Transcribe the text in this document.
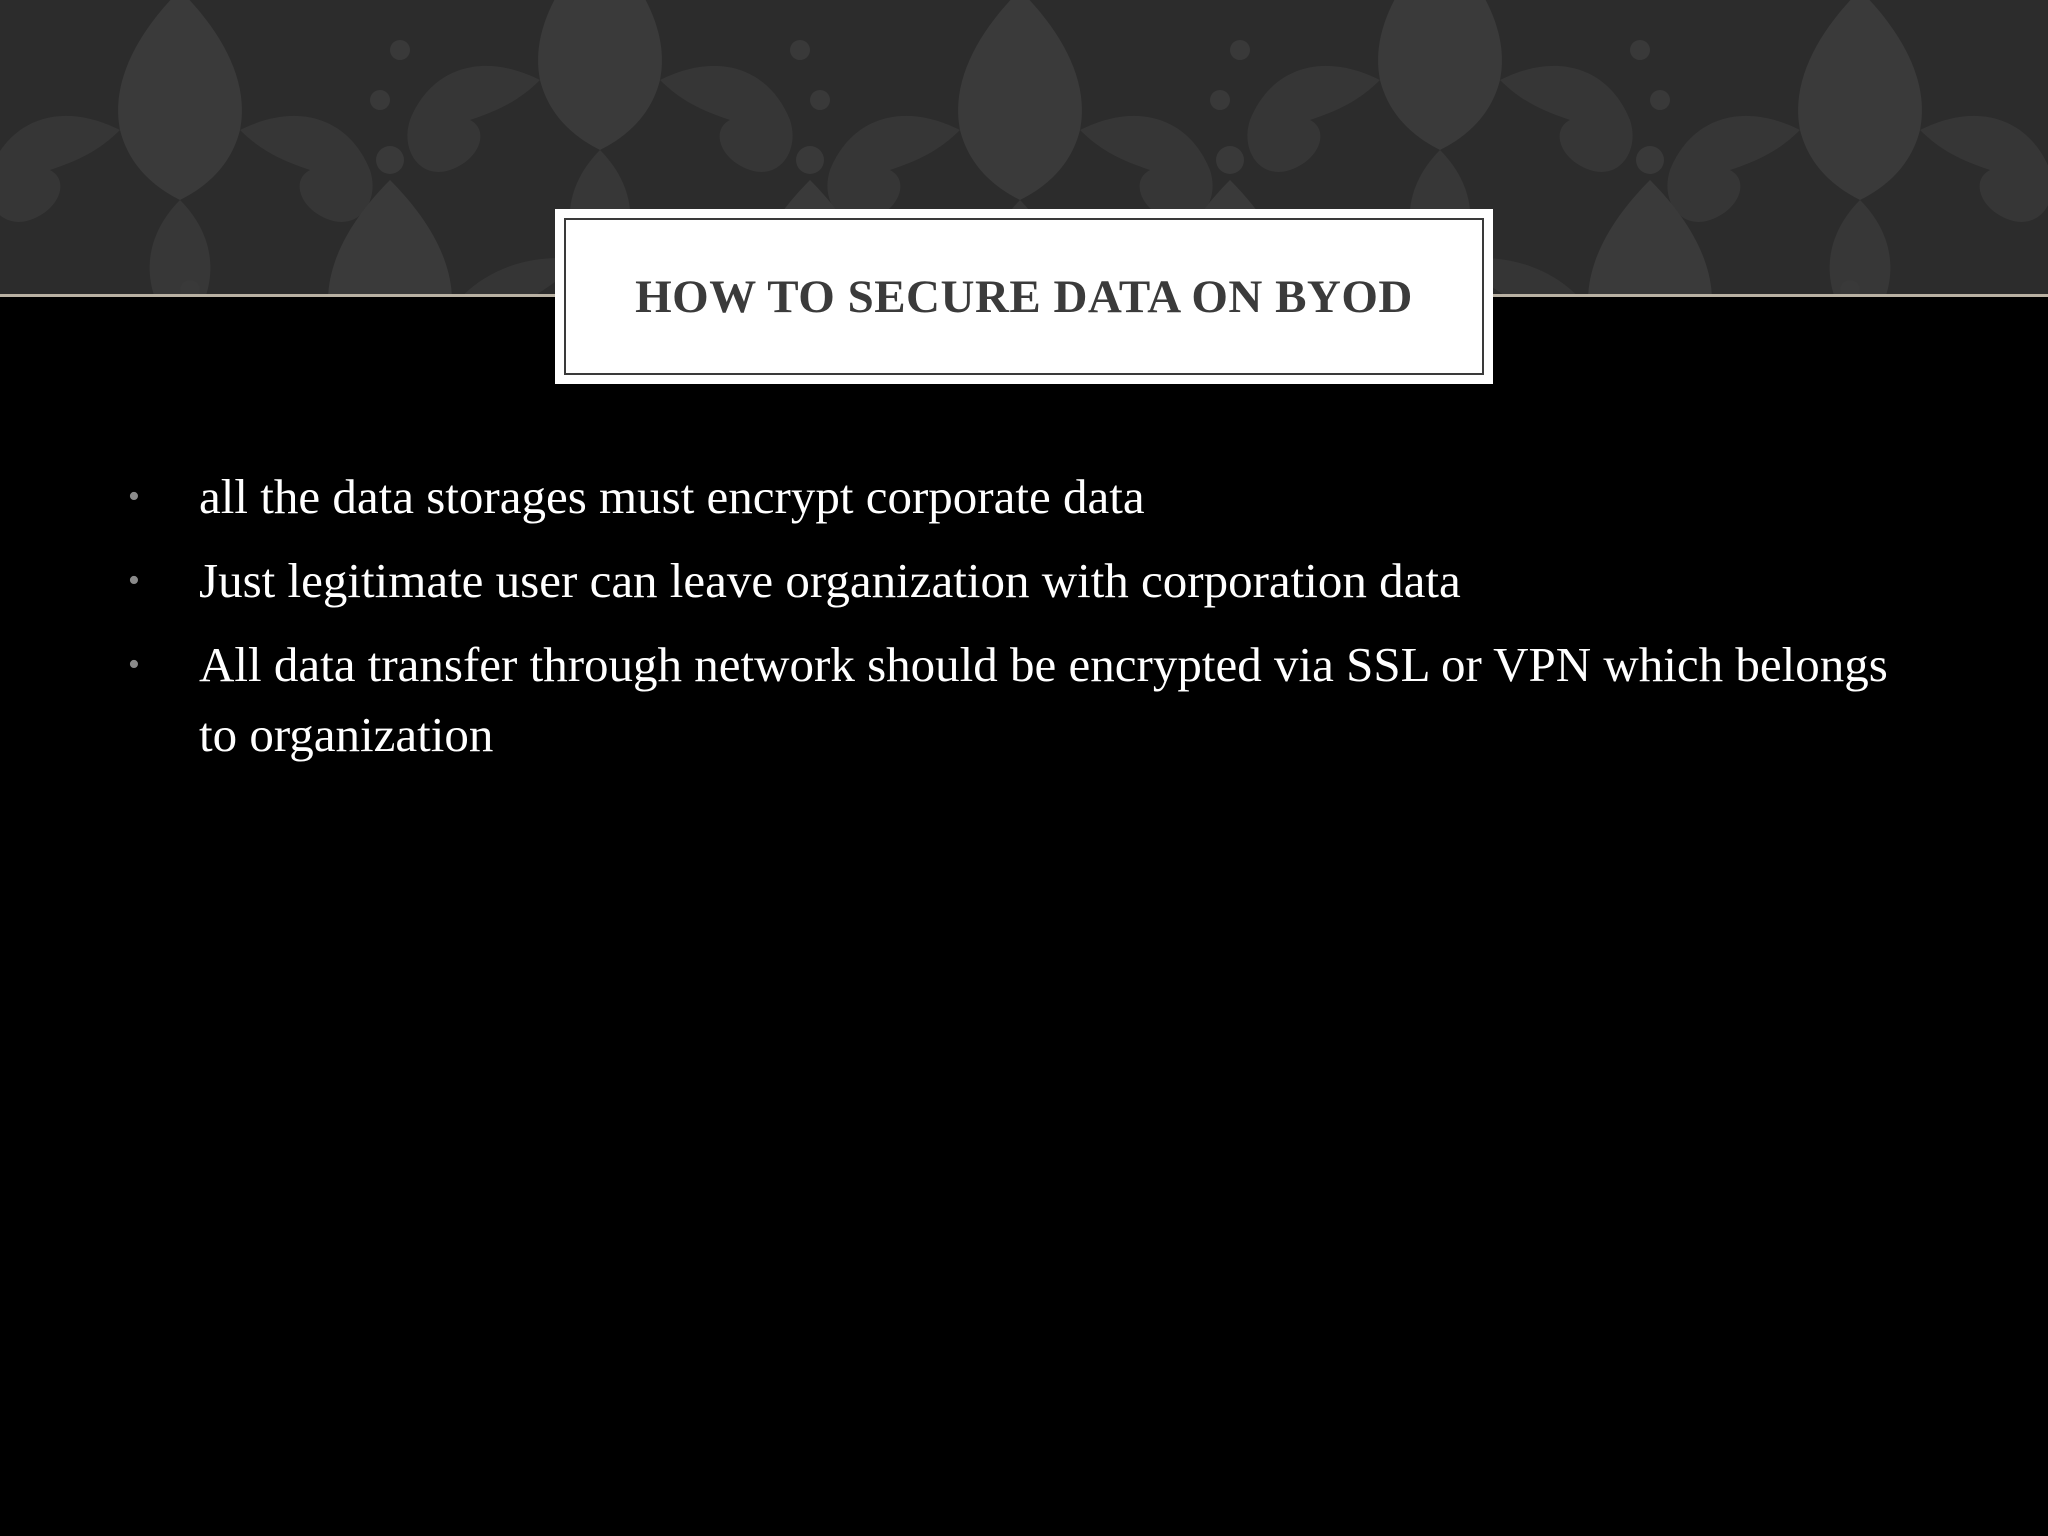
HOW TO SECURE DATA ON BYOD
• all the data storages must encrypt corporate data
• Just legitimate user can leave organization with corporation data
• All data transfer through network should be encrypted via SSL or VPN which belongs to organization
